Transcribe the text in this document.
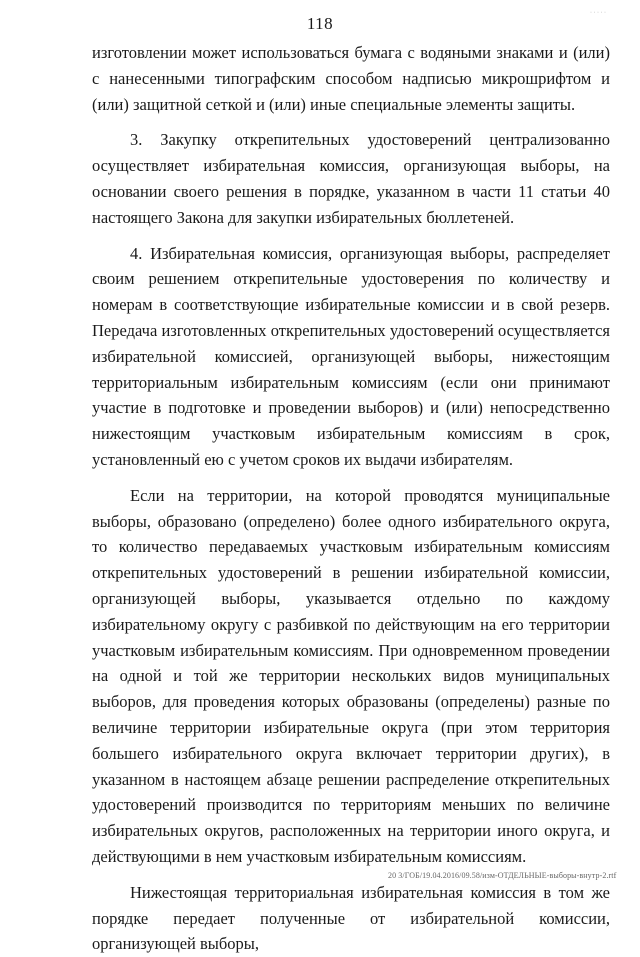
118
· · · · ·

изготовлении может использоваться бумага с водяными знаками и (или) с нанесенными типографским способом надписью микрошрифтом и (или) защитной сеткой и (или) иные специальные элементы защиты.

3. Закупку открепительных удостоверений централизованно осуществляет избирательная комиссия, организующая выборы, на основании своего решения в порядке, указанном в части 11 статьи 40 настоящего Закона для закупки избирательных бюллетеней.

4. Избирательная комиссия, организующая выборы, распределяет своим решением открепительные удостоверения по количеству и номерам в соответствующие избирательные комиссии и в свой резерв. Передача изготовленных открепительных удостоверений осуществляется избирательной комиссией, организующей выборы, нижестоящим территориальным избирательным комиссиям (если они принимают участие в подготовке и проведении выборов) и (или) непосредственно нижестоящим участковым избирательным комиссиям в срок, установленный ею с учетом сроков их выдачи избирателям.

Если на территории, на которой проводятся муниципальные выборы, образовано (определено) более одного избирательного округа, то количество передаваемых участковым избирательным комиссиям открепительных удостоверений в решении избирательной комиссии, организующей выборы, указывается отдельно по каждому избирательному округу с разбивкой по действующим на его территории участковым избирательным комиссиям. При одновременном проведении на одной и той же территории нескольких видов муниципальных выборов, для проведения которых образованы (определены) разные по величине территории избирательные округа (при этом территория большего избирательного округа включает территории других), в указанном в настоящем абзаце решении распределение открепительных удостоверений производится по территориям меньших по величине избирательных округов, расположенных на территории иного округа, и действующими в нем участковым избирательным комиссиям.

Нижестоящая территориальная избирательная комиссия в том же порядке передает полученные от избирательной комиссии, организующей выборы,

20 3/ГОБ/19.04.2016/09.58/изм-ОТДЕЛЬНЫЕ-выборы-внутр-2.rtf
